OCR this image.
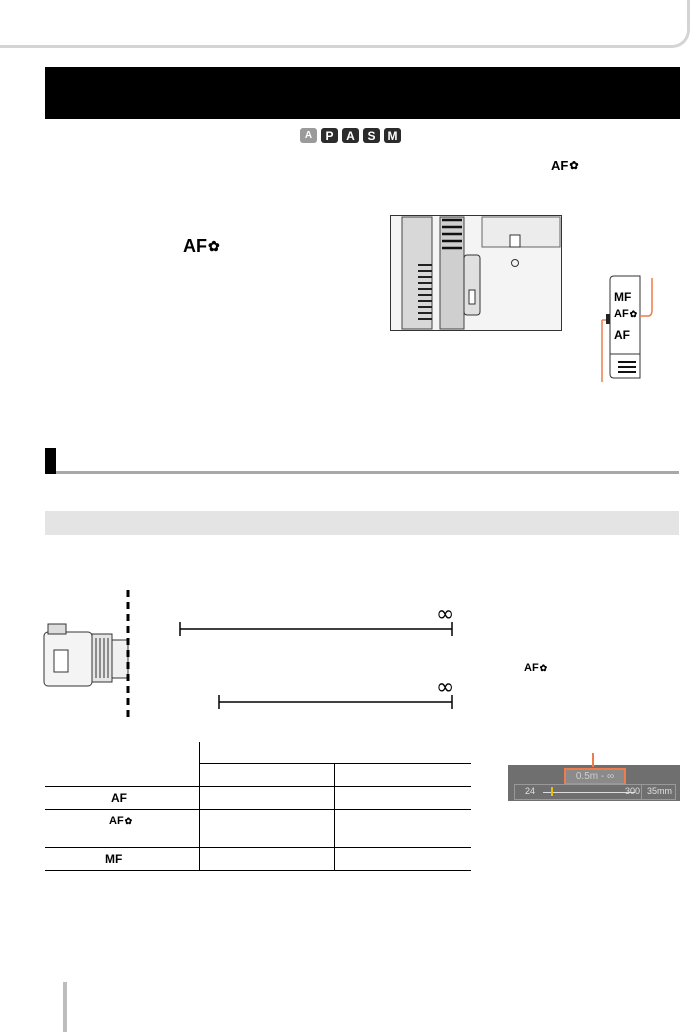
A	P	A	S	M
AF ✿
AF ✿
MF
AF ✿
AF
∞
∞
AF ✿

AF		

AF ✿		

MF		
0.5m - ∞
24	300 35mm
